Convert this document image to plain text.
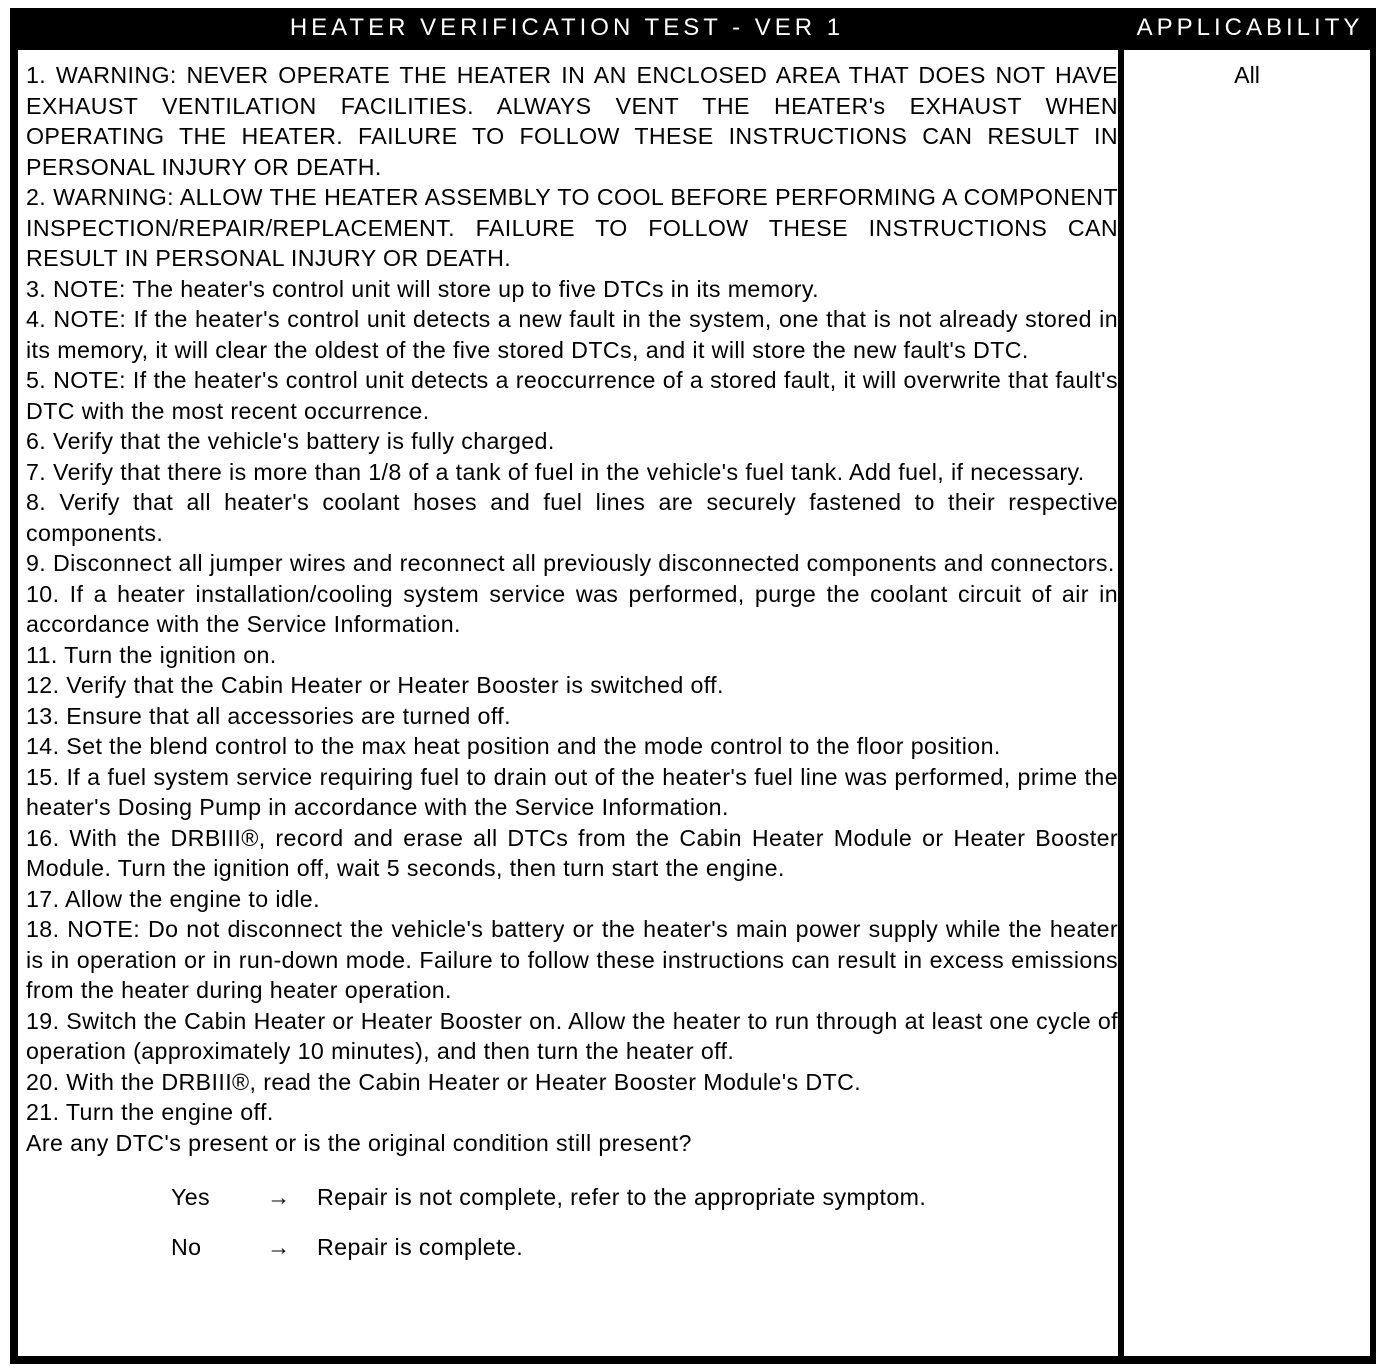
HEATER VERIFICATION TEST - VER 1	APPLICABILITY

1. WARNING: NEVER OPERATE THE HEATER IN AN ENCLOSED AREA THAT DOES NOT HAVE EXHAUST VENTILATION FACILITIES. ALWAYS VENT THE HEATER's EXHAUST WHEN OPERATING THE HEATER. FAILURE TO FOLLOW THESE INSTRUCTIONS CAN RESULT IN PERSONAL INJURY OR DEATH.

2. WARNING: ALLOW THE HEATER ASSEMBLY TO COOL BEFORE PERFORMING A COMPONENT INSPECTION/REPAIR/REPLACEMENT. FAILURE TO FOLLOW THESE INSTRUCTIONS CAN RESULT IN PERSONAL INJURY OR DEATH.

3. NOTE: The heater's control unit will store up to five DTCs in its memory.

4. NOTE: If the heater's control unit detects a new fault in the system, one that is not already stored in its memory, it will clear the oldest of the five stored DTCs, and it will store the new fault's DTC.

5. NOTE: If the heater's control unit detects a reoccurrence of a stored fault, it will overwrite that fault's DTC with the most recent occurrence.

6. Verify that the vehicle's battery is fully charged.

7. Verify that there is more than 1/8 of a tank of fuel in the vehicle's fuel tank. Add fuel, if necessary.

8. Verify that all heater's coolant hoses and fuel lines are securely fastened to their respective components.

9. Disconnect all jumper wires and reconnect all previously disconnected components and connectors.

10. If a heater installation/cooling system service was performed, purge the coolant circuit of air in accordance with the Service Information.

11. Turn the ignition on.

12. Verify that the Cabin Heater or Heater Booster is switched off.

13. Ensure that all accessories are turned off.

14. Set the blend control to the max heat position and the mode control to the floor position.

15. If a fuel system service requiring fuel to drain out of the heater's fuel line was performed, prime the heater's Dosing Pump in accordance with the Service Information.

16. With the DRBIII®, record and erase all DTCs from the Cabin Heater Module or Heater Booster Module. Turn the ignition off, wait 5 seconds, then turn start the engine.

17. Allow the engine to idle.

18. NOTE: Do not disconnect the vehicle's battery or the heater's main power supply while the heater is in operation or in run-down mode. Failure to follow these instructions can result in excess emissions from the heater during heater operation.

19. Switch the Cabin Heater or Heater Booster on. Allow the heater to run through at least one cycle of operation (approximately 10 minutes), and then turn the heater off.

20. With the DRBIII®, read the Cabin Heater or Heater Booster Module's DTC.

21. Turn the engine off.

Are any DTC's present or is the original condition still present?

Yes	→	Repair is not complete, refer to the appropriate symptom.
No	→	Repair is complete.
All
